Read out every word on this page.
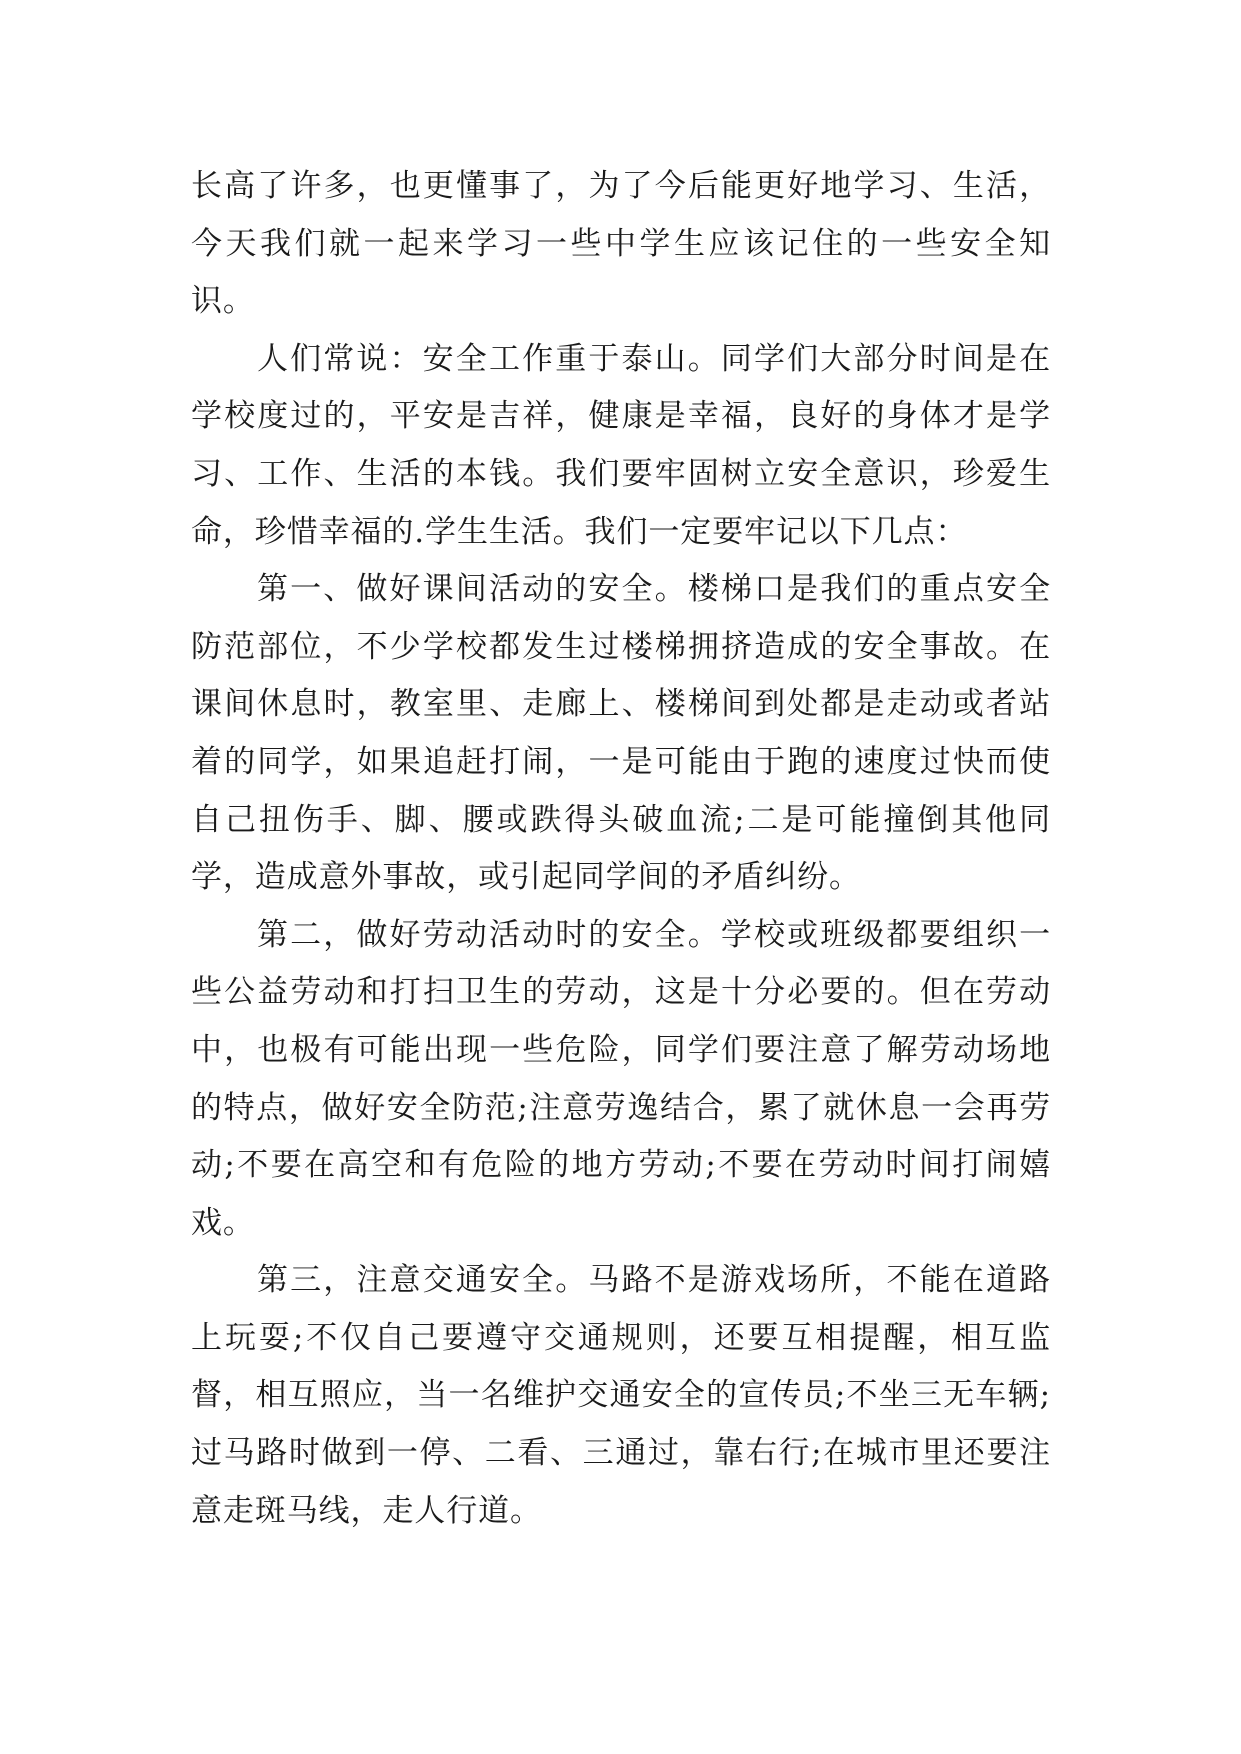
长高了许多，也更懂事了，为了今后能更好地学习、生活，今天我们就一起来学习一些中学生应该记住的一些安全知识。

人们常说：安全工作重于泰山。同学们大部分时间是在学校度过的，平安是吉祥，健康是幸福，良好的身体才是学习、工作、生活的本钱。我们要牢固树立安全意识，珍爱生命，珍惜幸福的.学生生活。我们一定要牢记以下几点：

第一、做好课间活动的安全。楼梯口是我们的重点安全防范部位，不少学校都发生过楼梯拥挤造成的安全事故。在课间休息时，教室里、走廊上、楼梯间到处都是走动或者站着的同学，如果追赶打闹，一是可能由于跑的速度过快而使自己扭伤手、脚、腰或跌得头破血流;二是可能撞倒其他同学，造成意外事故，或引起同学间的矛盾纠纷。

第二，做好劳动活动时的安全。学校或班级都要组织一些公益劳动和打扫卫生的劳动，这是十分必要的。但在劳动中，也极有可能出现一些危险，同学们要注意了解劳动场地的特点，做好安全防范;注意劳逸结合，累了就休息一会再劳动;不要在高空和有危险的地方劳动;不要在劳动时间打闹嬉戏。

第三，注意交通安全。马路不是游戏场所，不能在道路上玩耍;不仅自己要遵守交通规则，还要互相提醒，相互监督，相互照应，当一名维护交通安全的宣传员;不坐三无车辆;过马路时做到一停、二看、三通过，靠右行;在城市里还要注意走斑马线，走人行道。
